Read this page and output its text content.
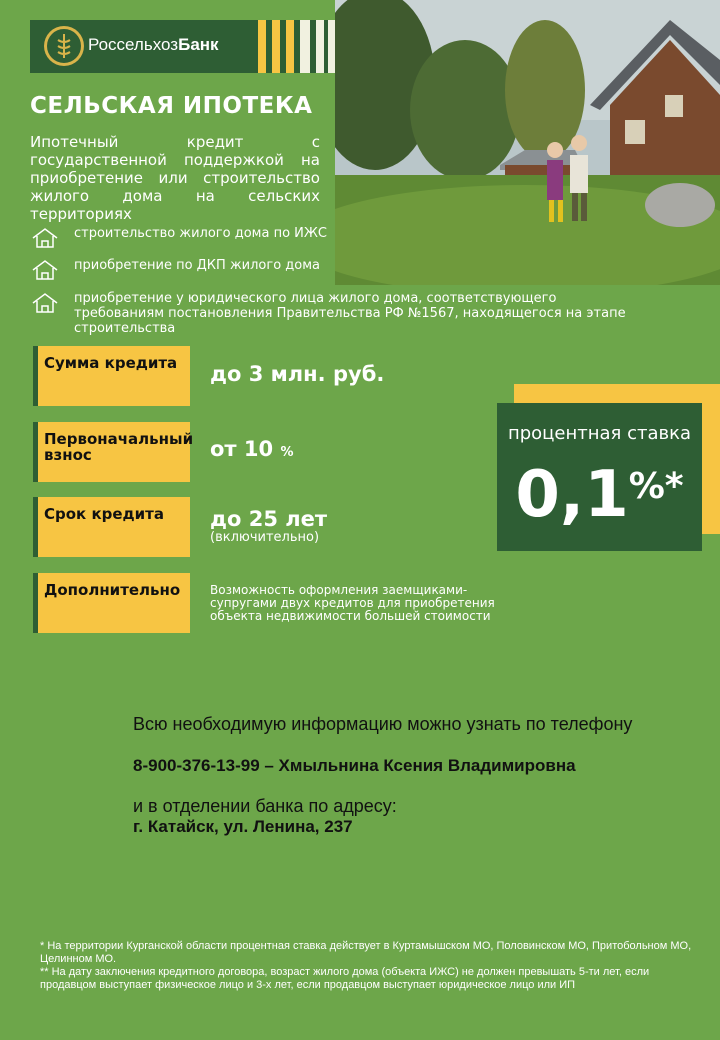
РоссельхозБанк
СЕЛЬСКАЯ ИПОТЕКА
Ипотечный кредит с государственной поддержкой на приобретение или строительство жилого дома на сельских территориях
строительство жилого дома по ИЖС
приобретение по ДКП жилого дома
приобретение у юридического лица жилого дома, соответствующего требованиям постановления Правительства РФ №1567, находящегося на этапе строительства
Сумма кредита	до 3 млн. руб.
Первоначальный взнос	от 10 %
Срок кредита	до 25 лет
(включительно)
Дополнительно	Возможность оформления заемщиками-супругами двух кредитов для приобретения объекта недвижимости большей стоимости
процентная ставка
0,1%*
Всю необходимую информацию можно узнать по телефону
8-900-376-13-99 – Хмыльнина Ксения Владимировна
и в отделении банка по адресу:
г. Катайск, ул. Ленина, 237
* На территории Курганской области процентная ставка действует в Куртамышском МО, Половинском МО, Притобольном МО, Целинном МО.
** На дату заключения кредитного договора, возраст жилого дома (объекта ИЖС) не должен превышать 5-ти лет, если продавцом выступает физическое лицо и 3-х лет, если продавцом выступает юридическое лицо или ИП
